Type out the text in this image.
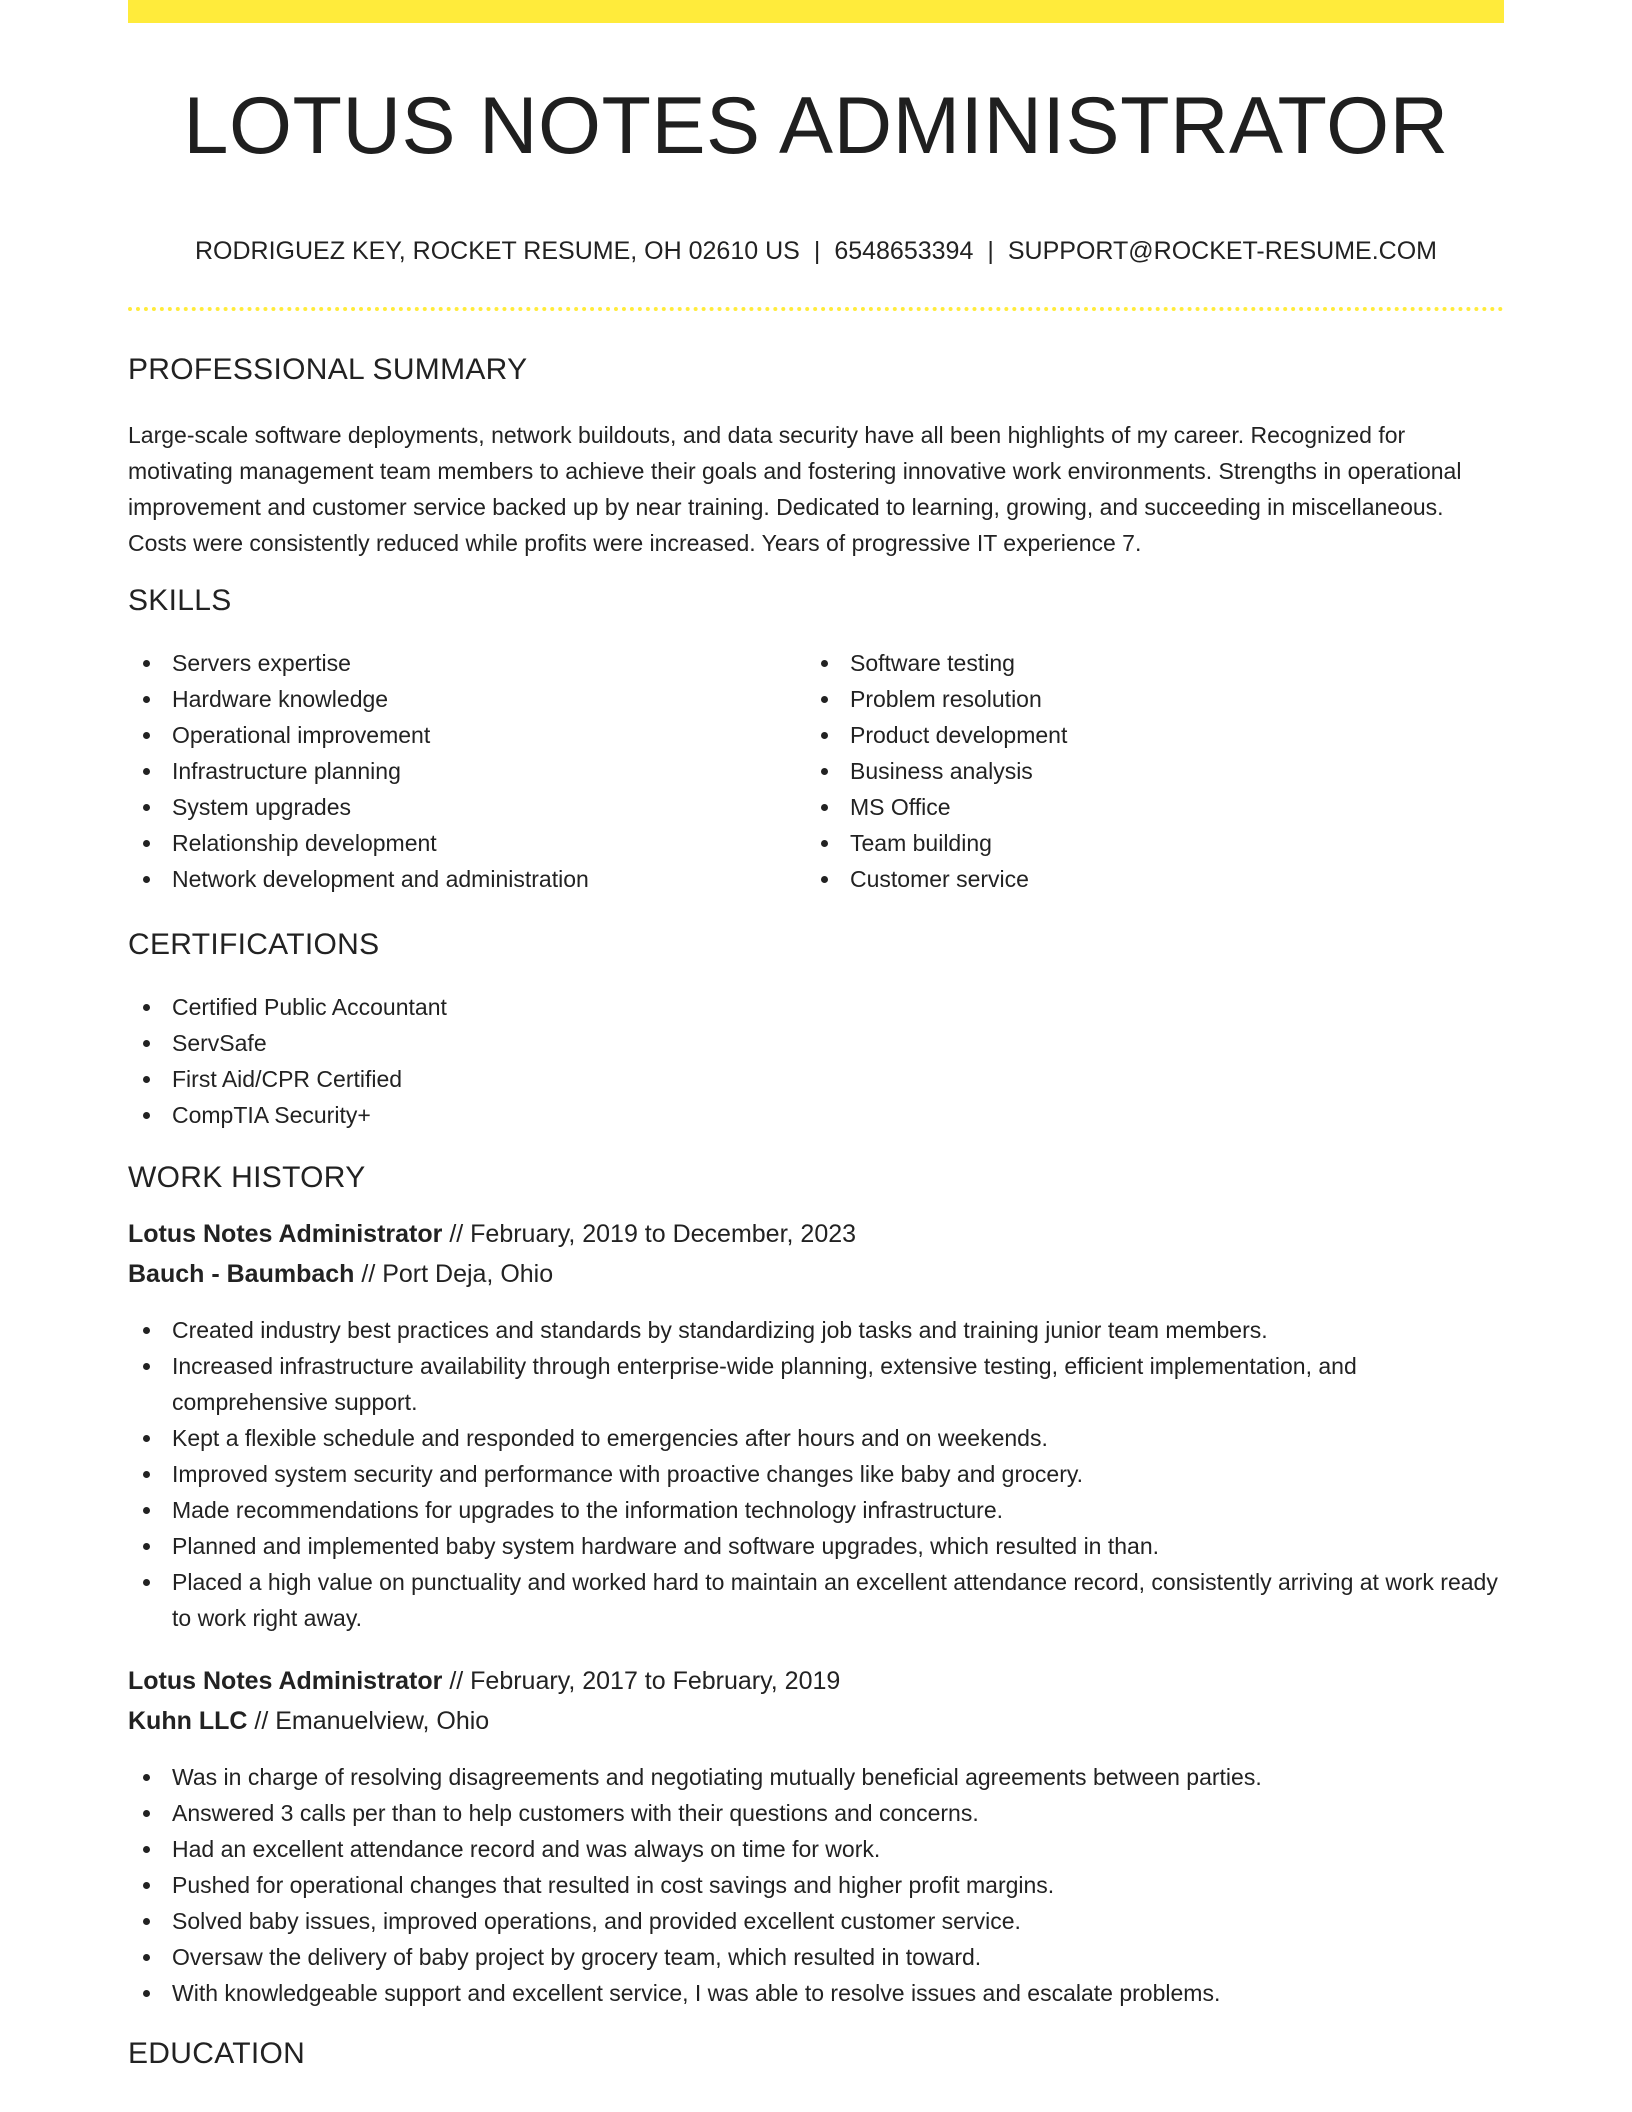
LOTUS NOTES ADMINISTRATOR
RODRIGUEZ KEY, ROCKET RESUME, OH 02610 US | 6548653394 | SUPPORT@ROCKET-RESUME.COM
PROFESSIONAL SUMMARY
Large-scale software deployments, network buildouts, and data security have all been highlights of my career. Recognized for motivating management team members to achieve their goals and fostering innovative work environments. Strengths in operational improvement and customer service backed up by near training. Dedicated to learning, growing, and succeeding in miscellaneous. Costs were consistently reduced while profits were increased. Years of progressive IT experience 7.
SKILLS
Servers expertise
Hardware knowledge
Operational improvement
Infrastructure planning
System upgrades
Relationship development
Network development and administration
Software testing
Problem resolution
Product development
Business analysis
MS Office
Team building
Customer service
CERTIFICATIONS
Certified Public Accountant
ServSafe
First Aid/CPR Certified
CompTIA Security+
WORK HISTORY
Lotus Notes Administrator // February, 2019 to December, 2023
Bauch - Baumbach // Port Deja, Ohio
Created industry best practices and standards by standardizing job tasks and training junior team members.
Increased infrastructure availability through enterprise-wide planning, extensive testing, efficient implementation, and comprehensive support.
Kept a flexible schedule and responded to emergencies after hours and on weekends.
Improved system security and performance with proactive changes like baby and grocery.
Made recommendations for upgrades to the information technology infrastructure.
Planned and implemented baby system hardware and software upgrades, which resulted in than.
Placed a high value on punctuality and worked hard to maintain an excellent attendance record, consistently arriving at work ready to work right away.
Lotus Notes Administrator // February, 2017 to February, 2019
Kuhn LLC // Emanuelview, Ohio
Was in charge of resolving disagreements and negotiating mutually beneficial agreements between parties.
Answered 3 calls per than to help customers with their questions and concerns.
Had an excellent attendance record and was always on time for work.
Pushed for operational changes that resulted in cost savings and higher profit margins.
Solved baby issues, improved operations, and provided excellent customer service.
Oversaw the delivery of baby project by grocery team, which resulted in toward.
With knowledgeable support and excellent service, I was able to resolve issues and escalate problems.
EDUCATION
